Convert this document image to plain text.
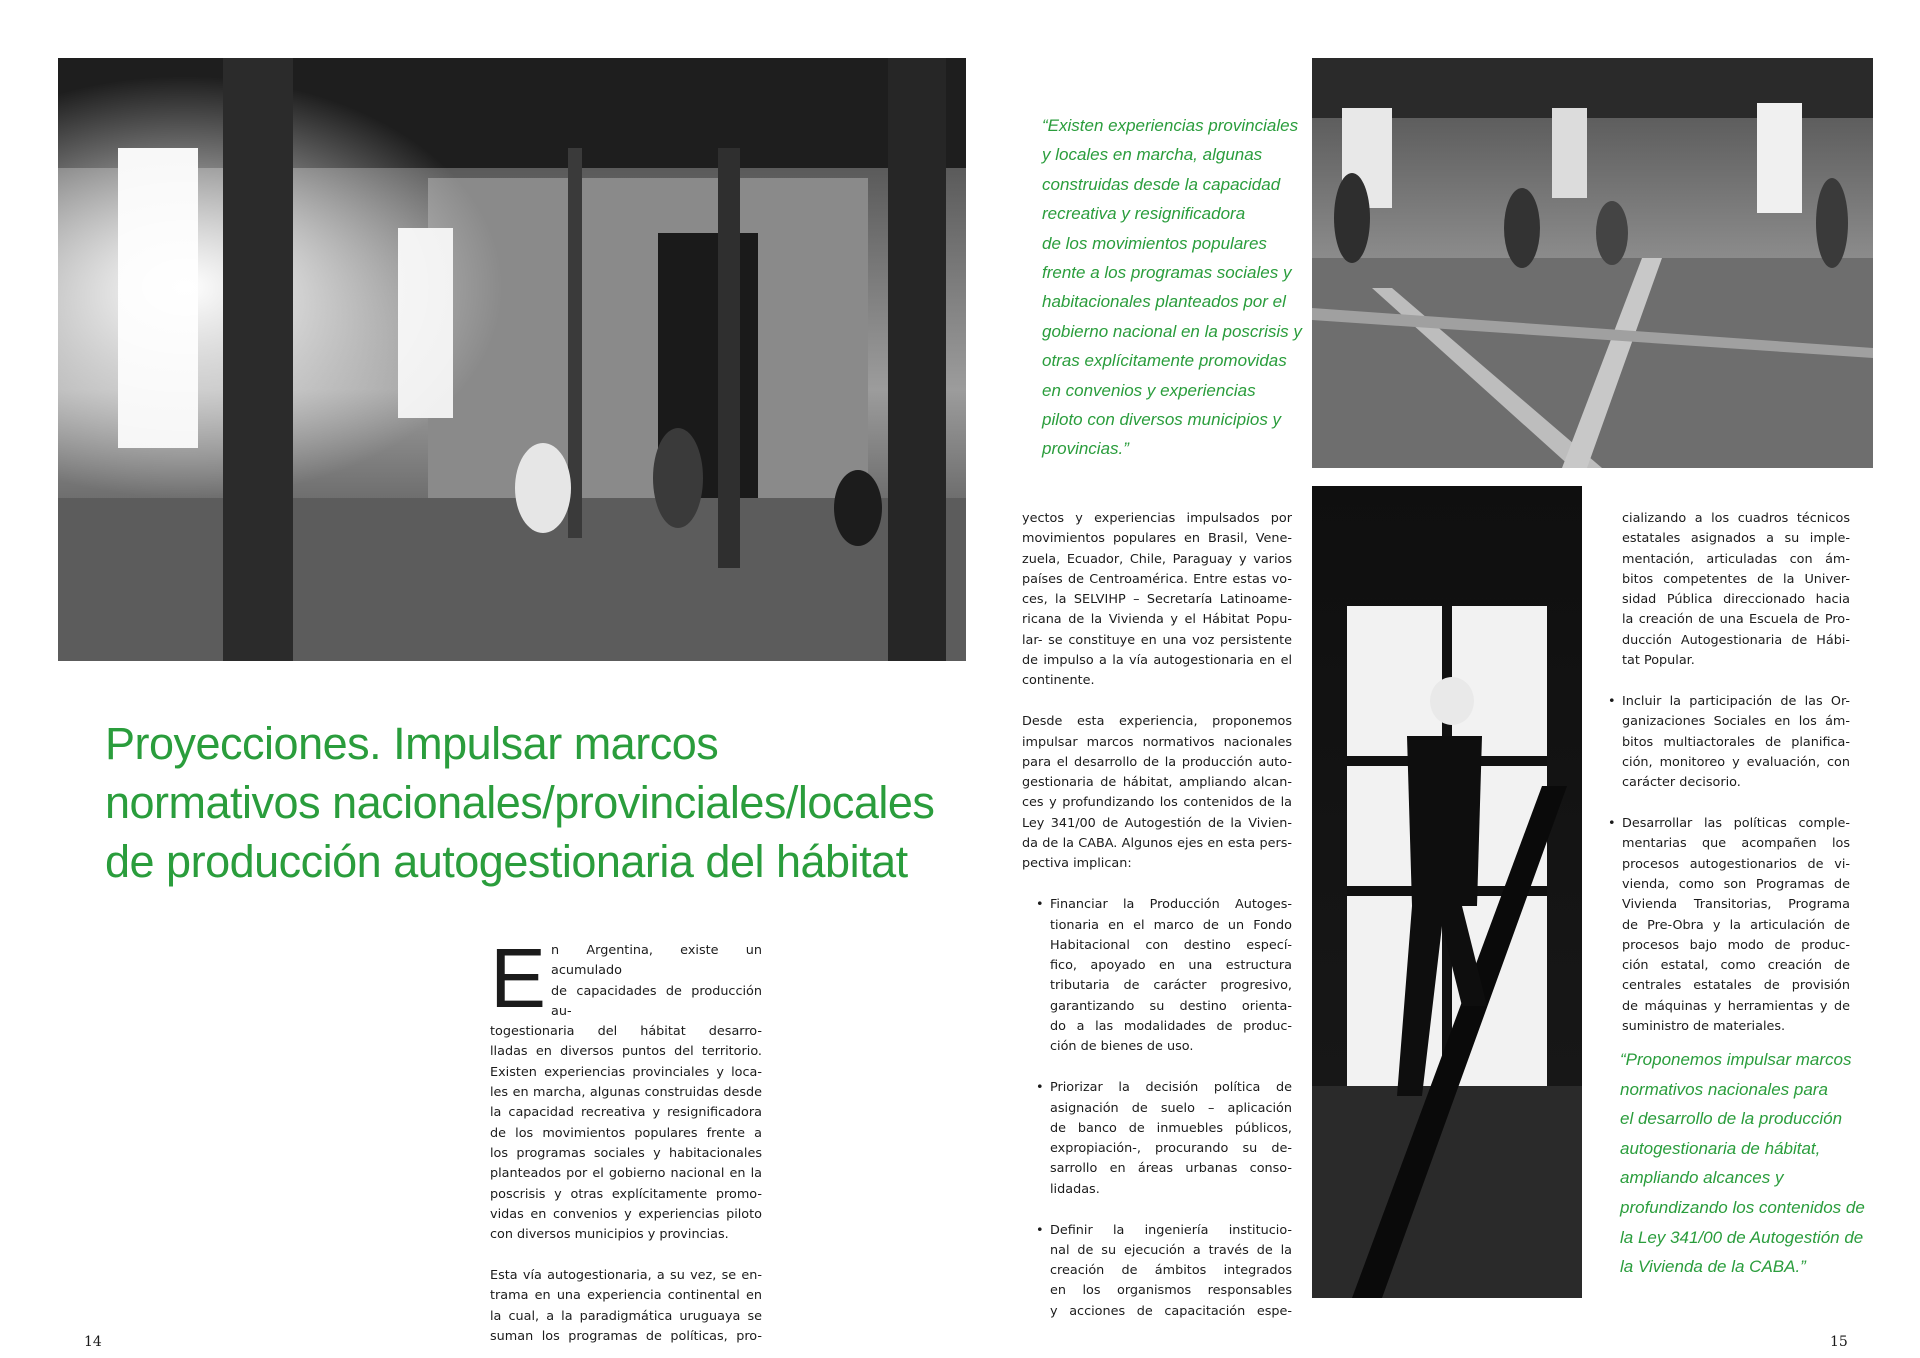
Proyecciones. Impulsar marcos
normativos nacionales/provinciales/locales
de producción autogestionaria del hábitat
“Existen experiencias provinciales
y locales en marcha, algunas
construidas desde la capacidad
recreativa y resignificadora
de los movimientos populares
frente a los programas sociales y
habitacionales planteados por el
gobierno nacional en la poscrisis y
otras explícitamente promovidas
en convenios y experiencias
piloto con diversos municipios y
provincias.”
“Proponemos impulsar marcos
normativos nacionales para
el desarrollo de la producción
autogestionaria de hábitat,
ampliando alcances y
profundizando los contenidos de
la Ley 341/00 de Autogestión de
la Vivienda de la CABA.”
E n Argentina, existe un acumulado
de capacidades de producción au-
togestionaria del hábitat desarro-
lladas en diversos puntos del territorio.
Existen experiencias provinciales y loca-
les en marcha, algunas construidas desde
la capacidad recreativa y resignificadora
de los movimientos populares frente a
los programas sociales y habitacionales
planteados por el gobierno nacional en la
poscrisis y otras explícitamente promo-
vidas en convenios y experiencias piloto
con diversos municipios y provincias.
Esta vía autogestionaria, a su vez, se en-
trama en una experiencia continental en
la cual, a la paradigmática uruguaya se
suman los programas de políticas, pro-
yectos y experiencias impulsados por
movimientos populares en Brasil, Vene-
zuela, Ecuador, Chile, Paraguay y varios
países de Centroamérica. Entre estas vo-
ces, la SELVIHP – Secretaría Latinoame-
ricana de la Vivienda y el Hábitat Popu-
lar- se constituye en una voz persistente
de impulso a la vía autogestionaria en el
continente.
Desde esta experiencia, proponemos
impulsar marcos normativos nacionales
para el desarrollo de la producción auto-
gestionaria de hábitat, ampliando alcan-
ces y profundizando los contenidos de la
Ley 341/00 de Autogestión de la Vivien-
da de la CABA. Algunos ejes en esta pers-
pectiva implican:
• Financiar la Producción Autoges-
tionaria en el marco de un Fondo
Habitacional con destino especí-
fico, apoyado en una estructura
tributaria de carácter progresivo,
garantizando su destino orienta-
do a las modalidades de produc-
ción de bienes de uso.
• Priorizar la decisión política de
asignación de suelo – aplicación
de banco de inmuebles públicos,
expropiación-, procurando su de-
sarrollo en áreas urbanas conso-
lidadas.
• Definir la ingeniería institucio-
nal de su ejecución a través de la
creación de ámbitos integrados
en los organismos responsables
y acciones de capacitación espe-
cializando a los cuadros técnicos
estatales asignados a su imple-
mentación, articuladas con ám-
bitos competentes de la Univer-
sidad Pública direccionado hacia
la creación de una Escuela de Pro-
ducción Autogestionaria de Hábi-
tat Popular.
• Incluir la participación de las Or-
ganizaciones Sociales en los ám-
bitos multiactorales de planifica-
ción, monitoreo y evaluación, con
carácter decisorio.
• Desarrollar las políticas comple-
mentarias que acompañen los
procesos autogestionarios de vi-
vienda, como son Programas de
Vivienda Transitorias, Programa
de Pre-Obra y la articulación de
procesos bajo modo de produc-
ción estatal, como creación de
centrales estatales de provisión
de máquinas y herramientas y de
suministro de materiales.
14	15
